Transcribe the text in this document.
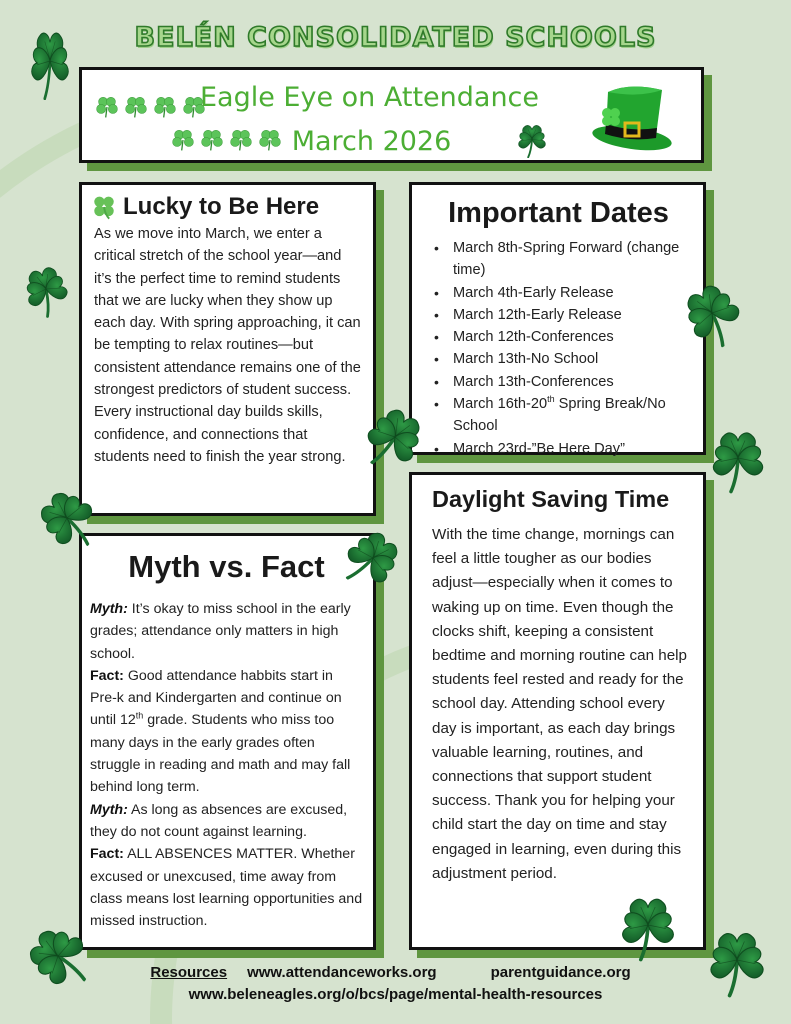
BELÉN CONSOLIDATED SCHOOLS
Eagle Eye on Attendance
March 2026
Lucky to Be Here

As we move into March, we enter a critical stretch of the school year—and it’s the perfect time to remind students that we are lucky when they show up each day. With spring approaching, it can be tempting to relax routines—but consistent attendance remains one of the strongest predictors of student success. Every instructional day builds skills, confidence, and connections that students need to finish the year strong.

Important Dates
• March 8th-Spring Forward (change time)
• March 4th-Early Release
• March 12th-Early Release
• March 12th-Conferences
• March 13th-No School
• March 13th-Conferences
• March 16th-20th Spring Break/No School
• March 23rd-”Be Here Day”
Myth vs. Fact
Myth: It’s okay to miss school in the early grades; attendance only matters in high school.
Fact: Good attendance habbits start in Pre-k and Kindergarten and continue on until 12th grade. Students who miss too many days in the early grades often struggle in reading and math and may fall behind long term.
Myth: As long as absences are excused, they do not count against learning.
Fact: ALL ABSENCES MATTER. Whether excused or unexcused, time away from class means lost learning opportunities and missed instruction.
Daylight Saving Time

With the time change, mornings can feel a little tougher as our bodies adjust—especially when it comes to waking up on time. Even though the clocks shift, keeping a consistent bedtime and morning routine can help students feel rested and ready for the school day. Attending school every day is important, as each day brings valuable learning, routines, and connections that support student success. Thank you for helping your child start the day on time and stay engaged in learning, even during this adjustment period.

Resources www.attendanceworks.org	parentguidance.org
www.beleneagles.org/o/bcs/page/mental-health-resources
